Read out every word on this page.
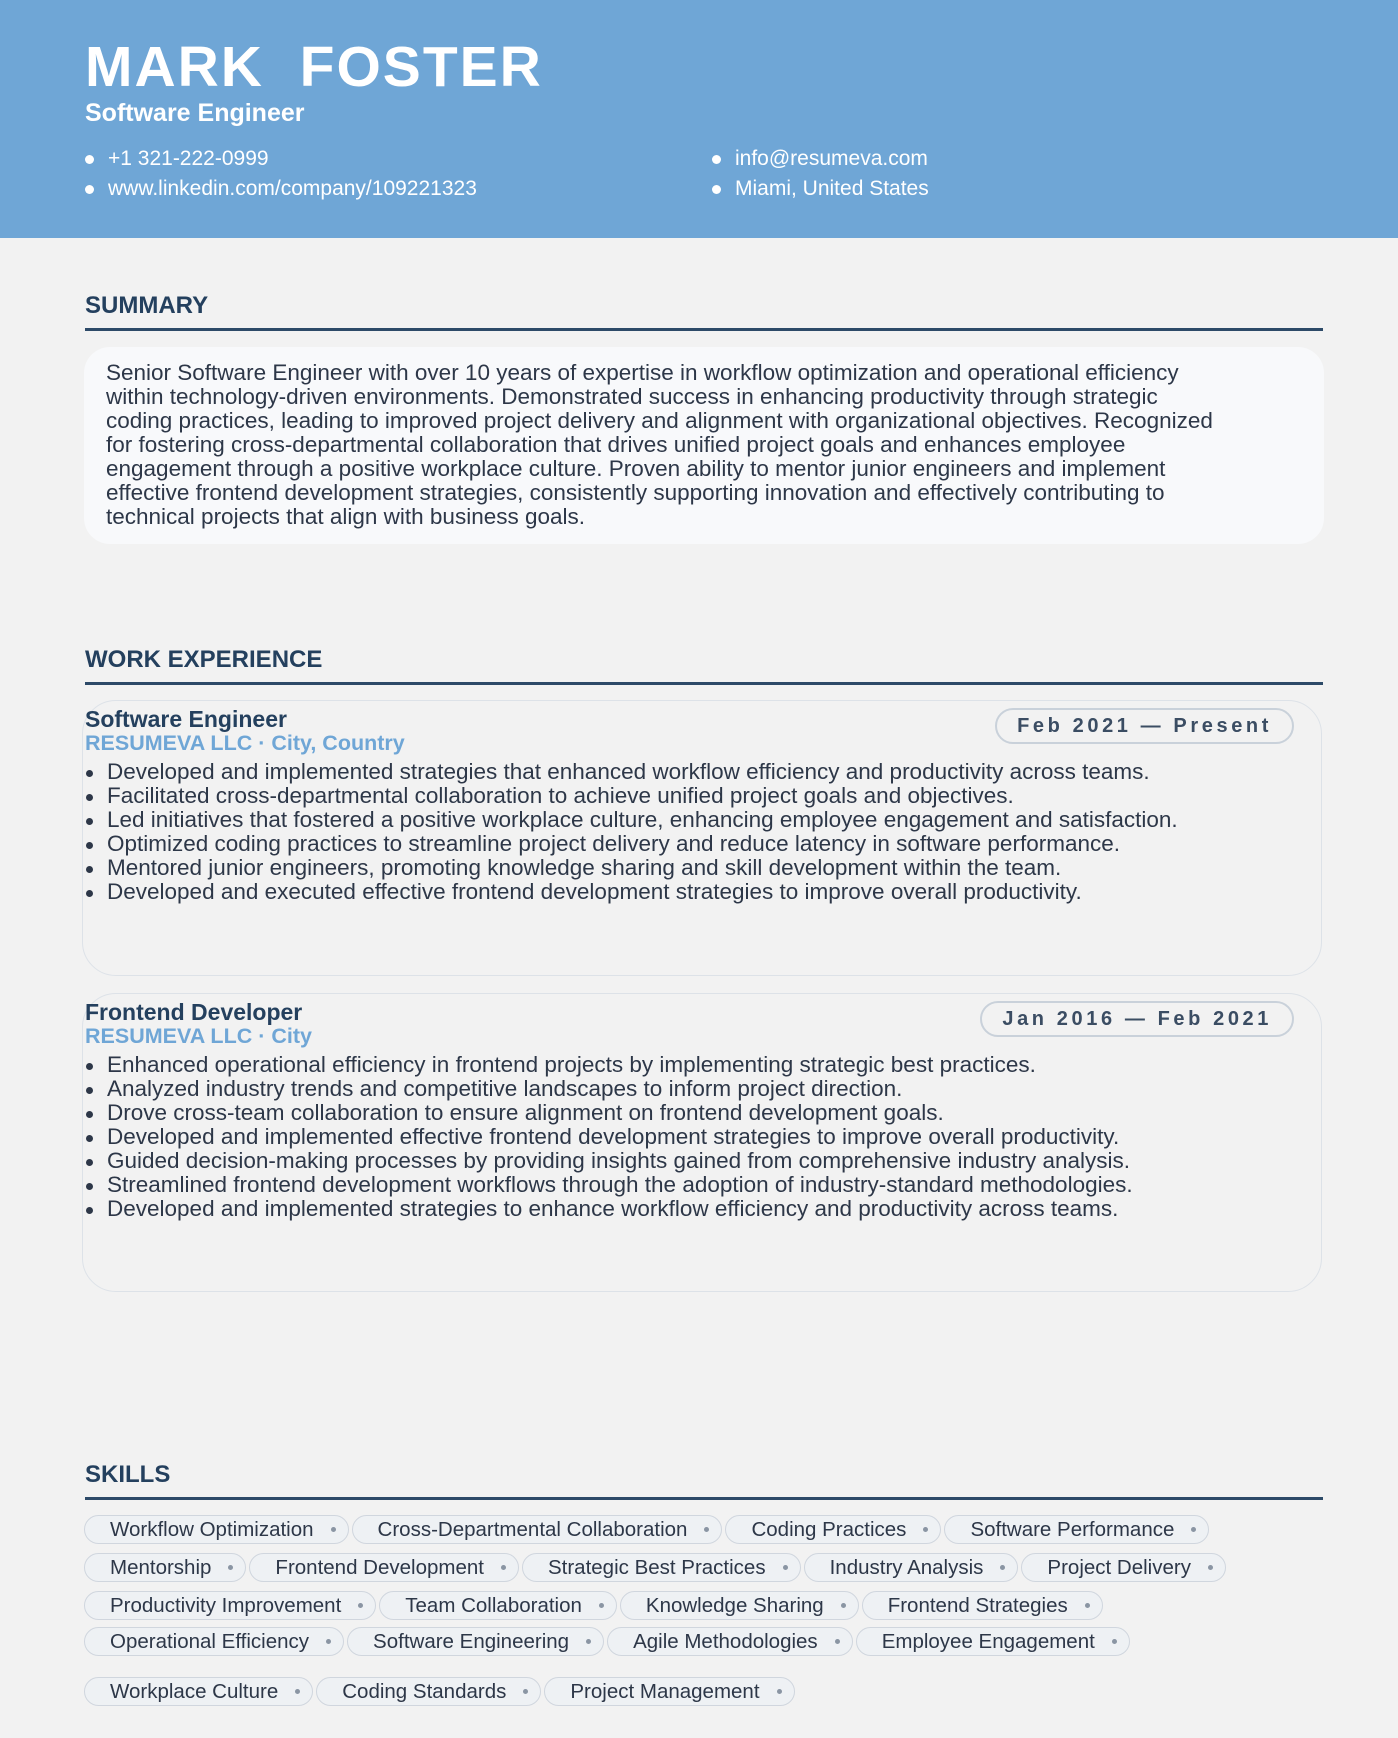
MARK  FOSTER
Software Engineer
+1 321-222-0999
www.linkedin.com/company/109221323
info@resumeva.com
Miami, United States
SUMMARY
Senior Software Engineer with over 10 years of expertise in workflow optimization and operational efficiency
within technology-driven environments. Demonstrated success in enhancing productivity through strategic
coding practices, leading to improved project delivery and alignment with organizational objectives. Recognized
for fostering cross-departmental collaboration that drives unified project goals and enhances employee
engagement through a positive workplace culture. Proven ability to mentor junior engineers and implement
effective frontend development strategies, consistently supporting innovation and effectively contributing to
technical projects that align with business goals.
WORK EXPERIENCE
Software Engineer
RESUMEVA LLC · City, Country
Feb 2021 — Present
Developed and implemented strategies that enhanced workflow efficiency and productivity across teams.
Facilitated cross-departmental collaboration to achieve unified project goals and objectives.
Led initiatives that fostered a positive workplace culture, enhancing employee engagement and satisfaction.
Optimized coding practices to streamline project delivery and reduce latency in software performance.
Mentored junior engineers, promoting knowledge sharing and skill development within the team.
Developed and executed effective frontend development strategies to improve overall productivity.
Frontend Developer
RESUMEVA LLC · City
Jan 2016 — Feb 2021
Enhanced operational efficiency in frontend projects by implementing strategic best practices.
Analyzed industry trends and competitive landscapes to inform project direction.
Drove cross-team collaboration to ensure alignment on frontend development goals.
Developed and implemented effective frontend development strategies to improve overall productivity.
Guided decision-making processes by providing insights gained from comprehensive industry analysis.
Streamlined frontend development workflows through the adoption of industry-standard methodologies.
Developed and implemented strategies to enhance workflow efficiency and productivity across teams.
SKILLS
Workflow Optimization	Cross-Departmental Collaboration	Coding Practices	Software Performance
Mentorship	Frontend Development	Strategic Best Practices	Industry Analysis	Project Delivery
Productivity Improvement	Team Collaboration	Knowledge Sharing	Frontend Strategies
Operational Efficiency	Software Engineering	Agile Methodologies	Employee Engagement
Workplace Culture	Coding Standards	Project Management
